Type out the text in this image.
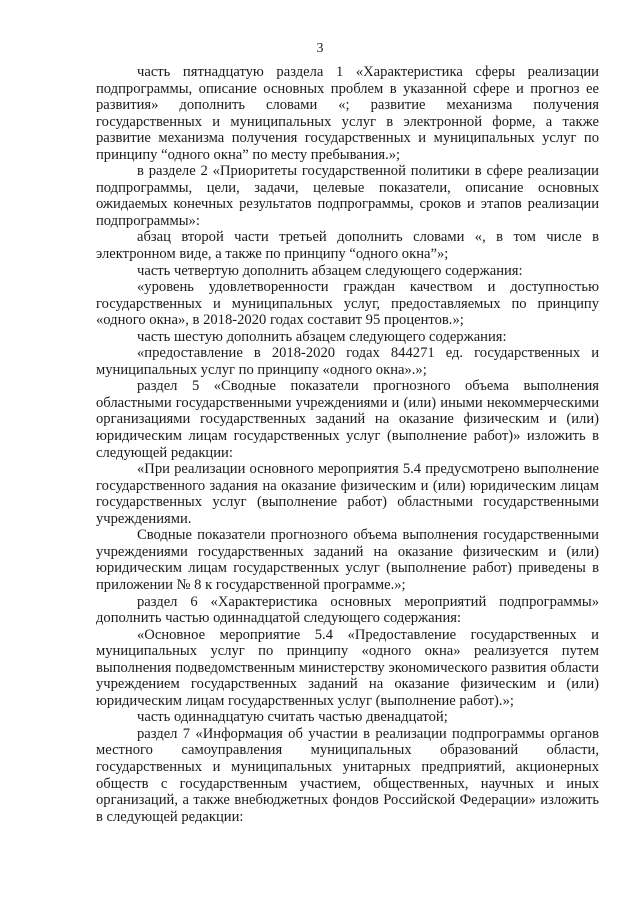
3

часть пятнадцатую раздела 1 «Характеристика сферы реализации подпрограммы, описание основных проблем в указанной сфере и прогноз ее развития» дополнить словами «; развитие механизма получения государственных и муниципальных услуг в электронной форме, а также развитие механизма получения государственных и муниципальных услуг по принципу “одного окна” по месту пребывания.»;

в разделе 2 «Приоритеты государственной политики в сфере реализации подпрограммы, цели, задачи, целевые показатели, описание основных ожидаемых конечных результатов подпрограммы, сроков и этапов реализации подпрограммы»:

абзац второй части третьей дополнить словами «, в том числе в электронном виде, а также по принципу “одного окна”»;

часть четвертую дополнить абзацем следующего содержания:

«уровень удовлетворенности граждан качеством и доступностью государственных и муниципальных услуг, предоставляемых по принципу «одного окна», в 2018-2020 годах составит 95 процентов.»;

часть шестую дополнить абзацем следующего содержания:

«предоставление в 2018-2020 годах 844271 ед. государственных и муниципальных услуг по принципу «одного окна».»;

раздел 5 «Сводные показатели прогнозного объема выполнения областными государственными учреждениями и (или) иными некоммерческими организациями государственных заданий на оказание физическим и (или) юридическим лицам государственных услуг (выполнение работ)» изложить в следующей редакции:

«При реализации основного мероприятия 5.4 предусмотрено выполнение государственного задания на оказание физическим и (или) юридическим лицам государственных услуг (выполнение работ) областными государственными учреждениями.

Сводные показатели прогнозного объема выполнения государственными учреждениями государственных заданий на оказание физическим и (или) юридическим лицам государственных услуг (выполнение работ) приведены в приложении № 8 к государственной программе.»;

раздел 6 «Характеристика основных мероприятий подпрограммы» дополнить частью одиннадцатой следующего содержания:

«Основное мероприятие 5.4 «Предоставление государственных и муниципальных услуг по принципу «одного окна» реализуется путем выполнения подведомственным министерству экономического развития области учреждением государственных заданий на оказание физическим и (или) юридическим лицам государственных услуг (выполнение работ).»;

часть одиннадцатую считать частью двенадцатой;

раздел 7 «Информация об участии в реализации подпрограммы органов местного самоуправления муниципальных образований области, государственных и муниципальных унитарных предприятий, акционерных обществ с государственным участием, общественных, научных и иных организаций, а также внебюджетных фондов Российской Федерации» изложить в следующей редакции:
